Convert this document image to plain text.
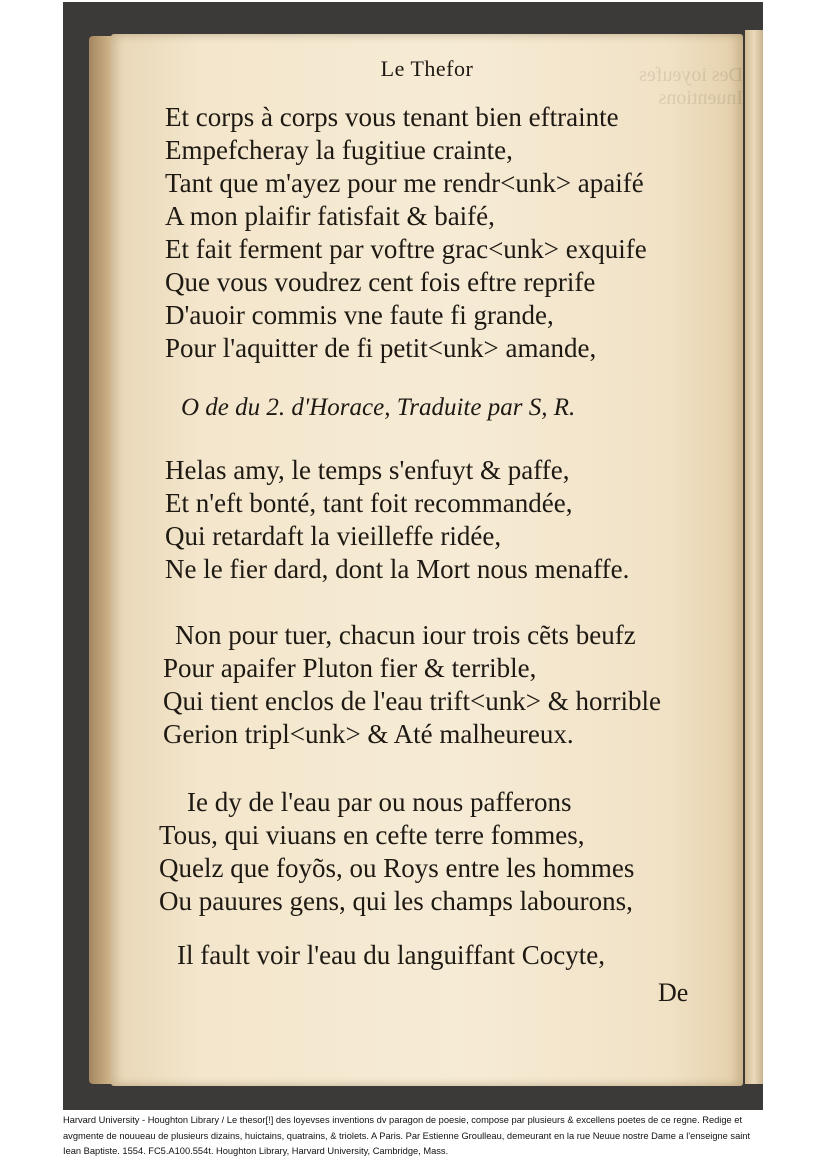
Des ioyeufes Inuentions
Le Thefor
Et corps à corps vous tenant bien eftrainte
Empefcheray la fugitiue crainte,
Tant que m'ayez pour me rendr<unk> apaifé
A mon plaifir fatisfait & baifé,
Et fait ferment par voftre grac<unk> exquife
Que vous voudrez cent fois eftre reprife
D'auoir commis vne faute fi grande,
Pour l'aquitter de fi petit<unk> amande,
O de du 2. d'Horace, Traduite par S, R.
Helas amy, le temps s'enfuyt & paffe,
Et n'eft bonté, tant foit recommandée,
Qui retardaft la vieilleffe ridée,
Ne le fier dard, dont la Mort nous menaffe.
Non pour tuer, chacun iour trois cẽts beufz
Pour apaifer Pluton fier & terrible,
Qui tient enclos de l'eau trift<unk> & horrible
Gerion tripl<unk> & Até malheureux.
Ie dy de l'eau par ou nous pafferons
Tous, qui viuans en cefte terre fommes,
Quelz que foyõs, ou Roys entre les hommes
Ou pauures gens, qui les champs labourons,
Il fault voir l'eau du languiffant Cocyte,
De
Harvard University - Houghton Library / Le thesor[!] des loyevses inventions dv paragon de poesie, compose par plusieurs & excellens poetes de ce regne. Redige et avgmente de nouueau de plusieurs dizains, huictains, quatrains, & triolets. A Paris. Par Estienne Groulleau, demeurant en la rue Neuue nostre Dame a l'enseigne saint Iean Baptiste. 1554. FC5.A100.554t. Houghton Library, Harvard University, Cambridge, Mass.
